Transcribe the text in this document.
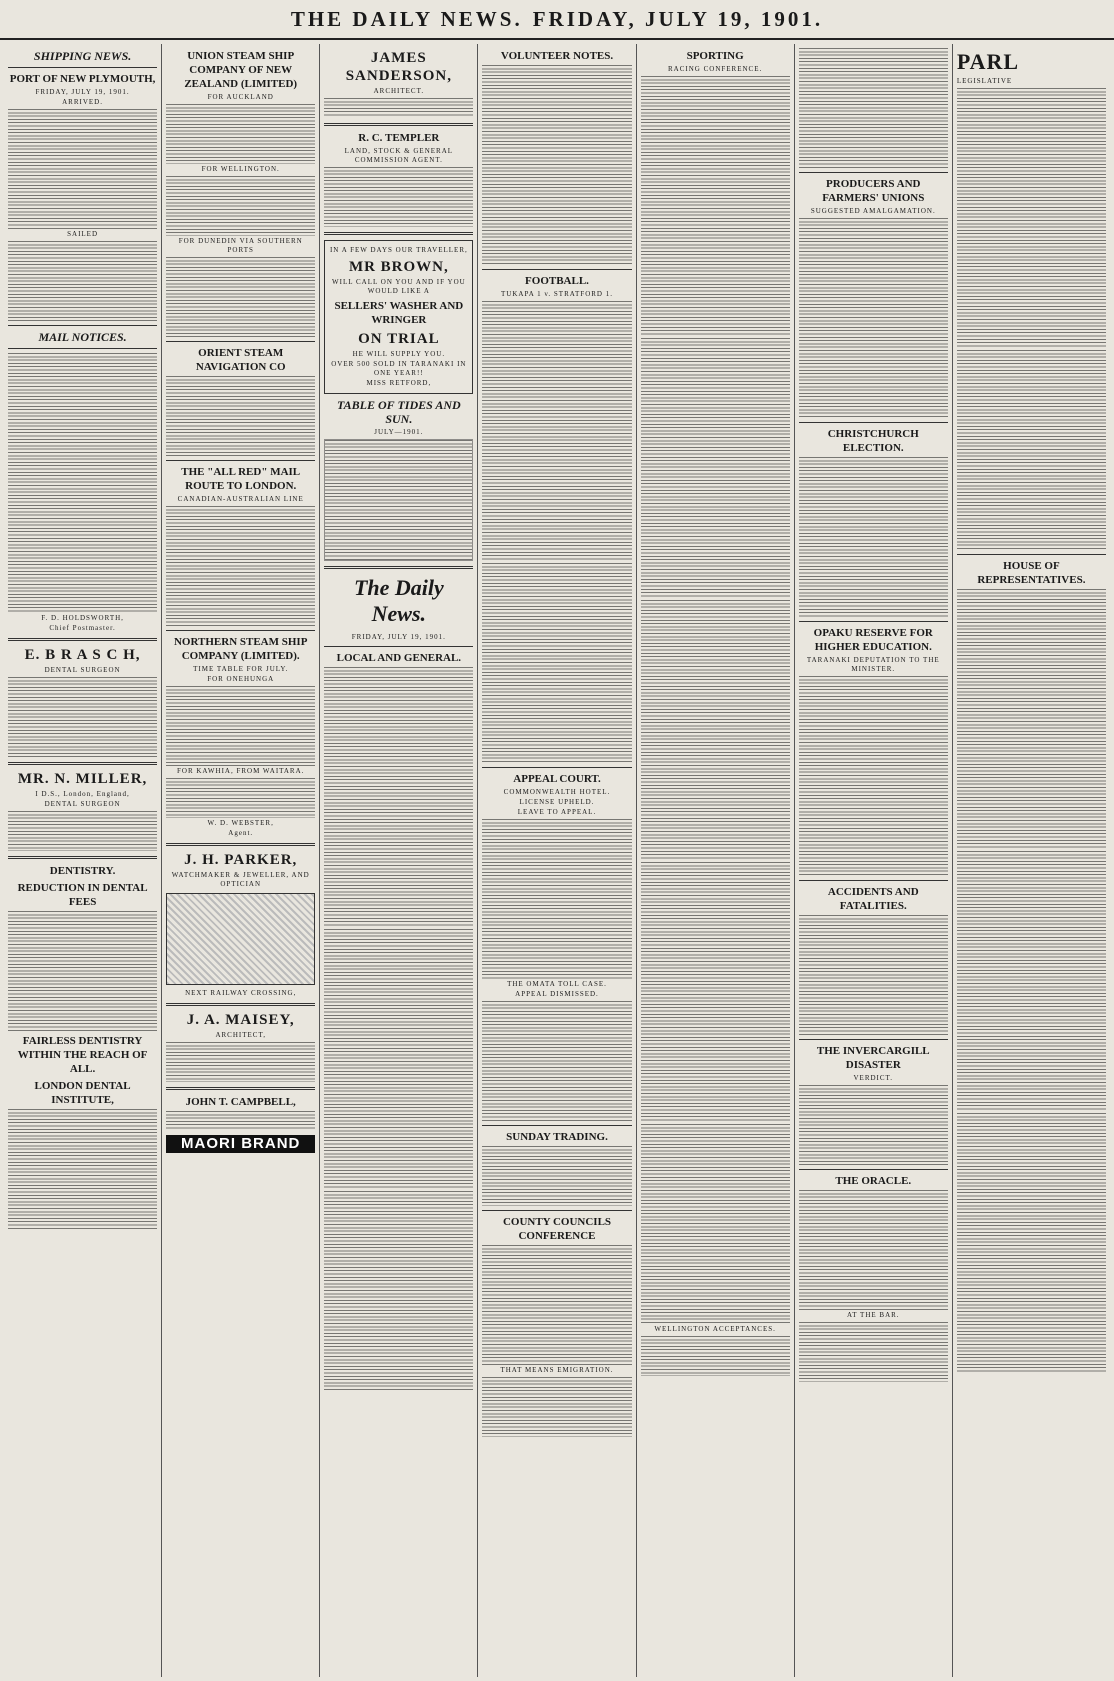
THE DAILY NEWS. FRIDAY, JULY 19, 1901.
SHIPPING NEWS.
PORT OF NEW PLYMOUTH,
FRIDAY, JULY 19, 1901.
ARRIVED.
SAILED
MAIL NOTICES.
F. D. HOLDSWORTH,
Chief Postmaster.
E. B R A S C H,
DENTAL SURGEON
MR. N. MILLER,
I D.S., London, England,
DENTAL SURGEON
DENTISTRY.
REDUCTION IN DENTAL FEES
FAIRLESS DENTISTRY WITHIN THE REACH OF ALL.
LONDON DENTAL INSTITUTE,
UNION STEAM SHIP COMPANY OF NEW ZEALAND (LIMITED)
FOR AUCKLAND
FOR WELLINGTON.
FOR DUNEDIN VIA SOUTHERN PORTS
ORIENT STEAM NAVIGATION CO
THE "ALL RED" MAIL ROUTE TO LONDON.
CANADIAN-AUSTRALIAN LINE
NORTHERN STEAM SHIP COMPANY (LIMITED).
TIME TABLE FOR JULY.
FOR ONEHUNGA
FOR KAWHIA, FROM WAITARA.
W. D. WEBSTER,
Agent.
J. H. PARKER,
WATCHMAKER & JEWELLER, AND OPTICIAN
NEXT RAILWAY CROSSING,
J. A. MAISEY,
ARCHITECT,
JOHN T. CAMPBELL,
MAORI BRAND
JAMES SANDERSON,
ARCHITECT.
R. C. TEMPLER
LAND, STOCK & GENERAL COMMISSION AGENT.
IN A FEW DAYS OUR TRAVELLER,
MR BROWN,
WILL CALL ON YOU AND IF YOU WOULD LIKE A
SELLERS' WASHER AND WRINGER
ON TRIAL
HE WILL SUPPLY YOU.
OVER 500 SOLD IN TARANAKI IN ONE YEAR!!
MISS RETFORD,
TABLE OF TIDES AND SUN.
JULY—1901.
The Daily News.
FRIDAY, JULY 19, 1901.
LOCAL AND GENERAL.
VOLUNTEER NOTES.
FOOTBALL.
TUKAPA 1 v. STRATFORD 1.
APPEAL COURT.
COMMONWEALTH HOTEL.
LICENSE UPHELD.
LEAVE TO APPEAL.
THE OMATA TOLL CASE.
APPEAL DISMISSED.
SUNDAY TRADING.
COUNTY COUNCILS CONFERENCE
THAT MEANS EMIGRATION.
SPORTING
RACING CONFERENCE.
WELLINGTON ACCEPTANCES.
PRODUCERS AND FARMERS' UNIONS
SUGGESTED AMALGAMATION.
CHRISTCHURCH ELECTION.
OPAKU RESERVE FOR HIGHER EDUCATION.
TARANAKI DEPUTATION TO THE MINISTER.
ACCIDENTS AND FATALITIES.
THE INVERCARGILL DISASTER
VERDICT.
THE ORACLE.
AT THE BAR.
PARL
LEGISLATIVE
HOUSE OF REPRESENTATIVES.
